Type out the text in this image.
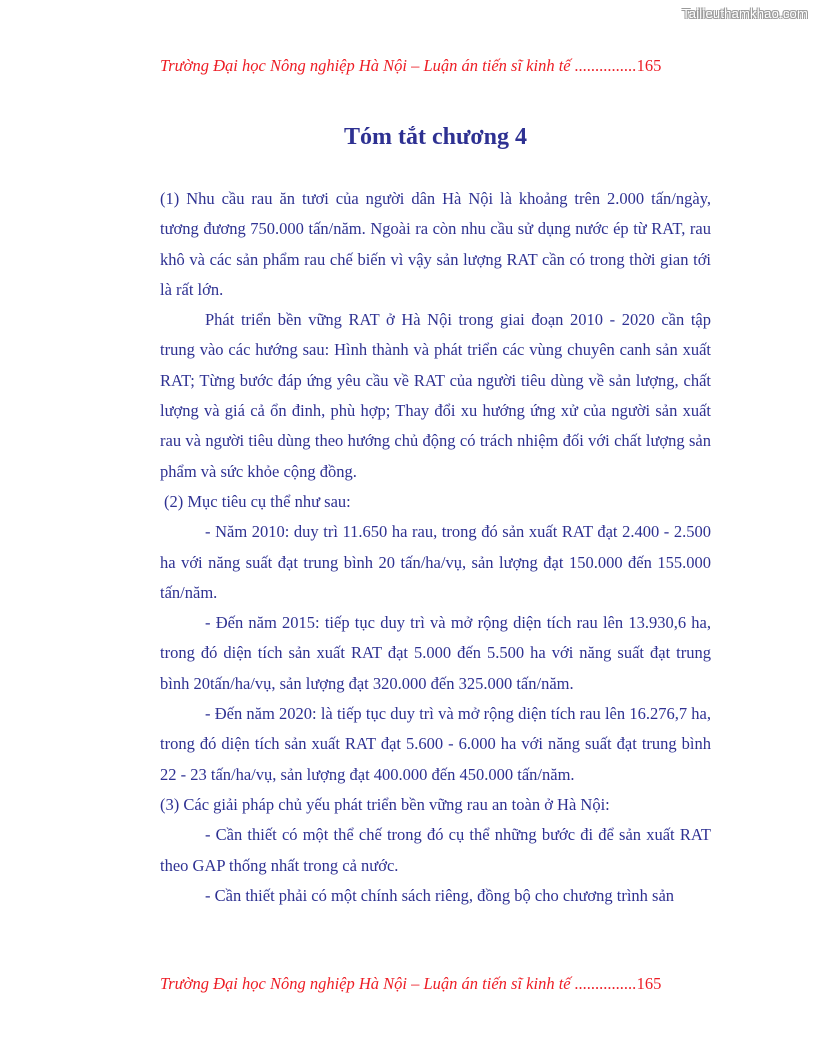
Tailieuthamkhao.com
Trường Đại học Nông nghiệp Hà Nội – Luận án tiến sĩ kinh tế ...............165
Tóm tắt chương 4

(1) Nhu cầu rau ăn tươi của người dân Hà Nội là khoảng trên 2.000 tấn/ngày, tương đương 750.000 tấn/năm. Ngoài ra còn nhu cầu sử dụng nước ép từ RAT, rau khô và các sản phẩm rau chế biến vì vậy sản lượng RAT cần có trong thời gian tới là rất lớn.

Phát triển bền vững RAT ở Hà Nội trong giai đoạn 2010 - 2020 cần tập trung vào các hướng sau: Hình thành và phát triển các vùng chuyên canh sản xuất RAT; Từng bước đáp ứng yêu cầu về RAT của người tiêu dùng về sản lượng, chất lượng và giá cả ổn đinh, phù hợp; Thay đổi xu hướng ứng xử của người sản xuất rau và người tiêu dùng theo hướng chủ động có trách nhiệm đối với chất lượng sản phẩm và sức khỏe cộng đồng.

(2) Mục tiêu cụ thể như sau:

- Năm 2010: duy trì 11.650 ha rau, trong đó sản xuất RAT đạt 2.400 - 2.500 ha với năng suất đạt trung bình 20 tấn/ha/vụ, sản lượng đạt 150.000 đến 155.000 tấn/năm.

- Đến năm 2015: tiếp tục duy trì và mở rộng diện tích rau lên 13.930,6 ha, trong đó diện tích sản xuất RAT đạt 5.000 đến 5.500 ha với năng suất đạt trung bình 20tấn/ha/vụ, sản lượng đạt 320.000 đến 325.000 tấn/năm.

- Đến năm 2020: là tiếp tục duy trì và mở rộng diện tích rau lên 16.276,7 ha, trong đó diện tích sản xuất RAT đạt 5.600 - 6.000 ha với năng suất đạt trung bình 22 - 23 tấn/ha/vụ, sản lượng đạt 400.000 đến 450.000 tấn/năm.

(3) Các giải pháp chủ yếu phát triển bền vững rau an toàn ở Hà Nội:

- Cần thiết có một thể chế trong đó cụ thể những bước đi để sản xuất RAT theo GAP thống nhất trong cả nước.

- Cần thiết phải có một chính sách riêng, đồng bộ cho chương trình sản

Trường Đại học Nông nghiệp Hà Nội – Luận án tiến sĩ kinh tế ...............165
